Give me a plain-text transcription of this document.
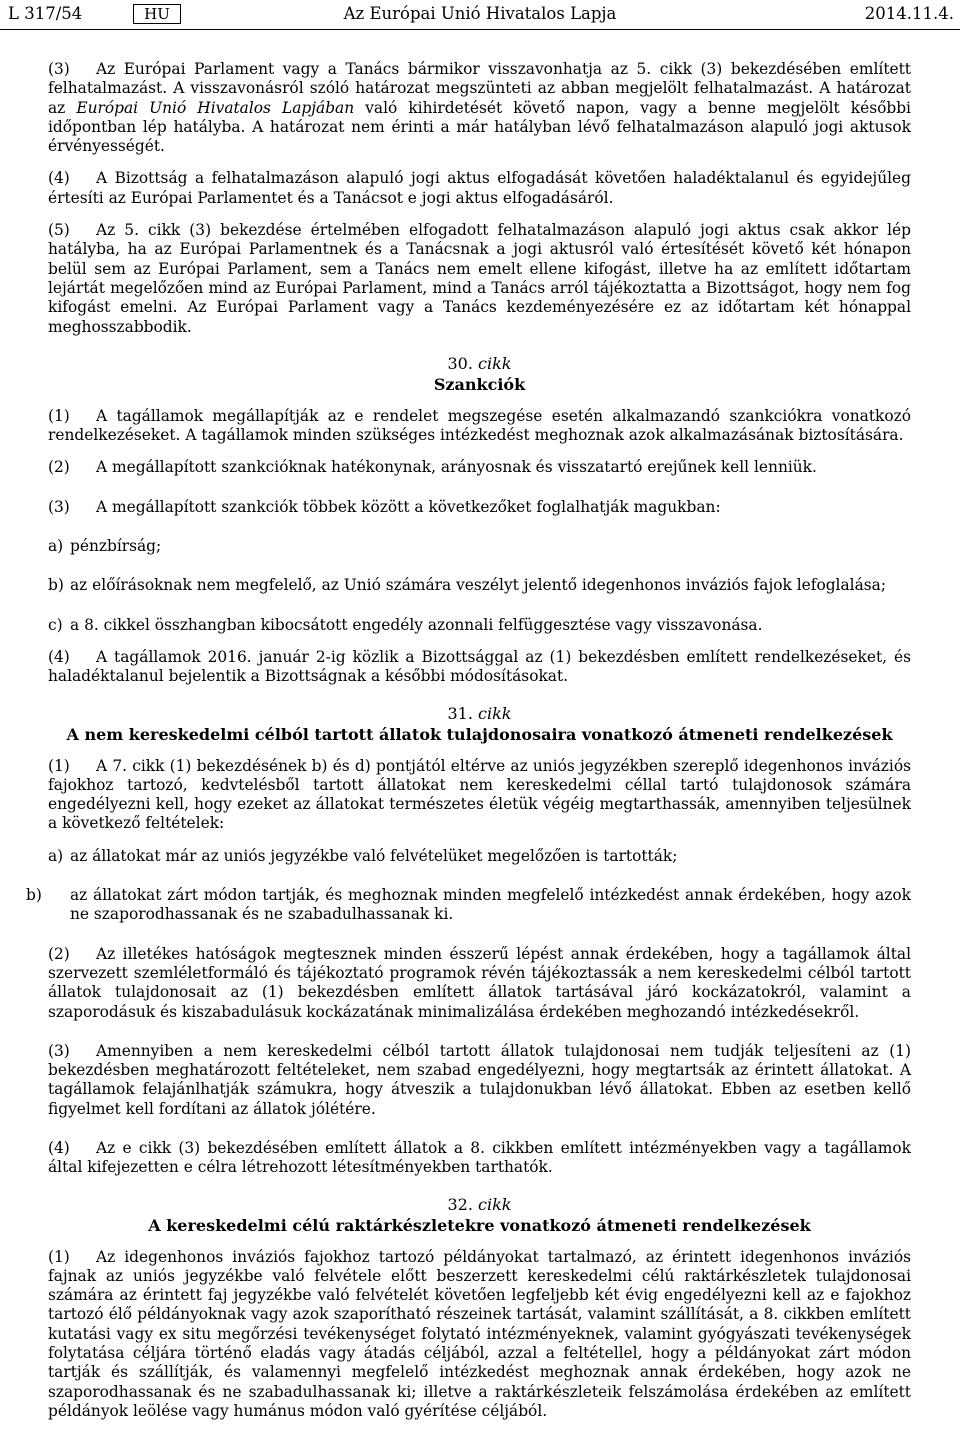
Az Európai Unió Hivatalos Lapja
L 317/54	HU	2014.11.4.

(3) Az Európai Parlament vagy a Tanács bármikor visszavonhatja az 5. cikk (3) bekezdésében említett felhatalmazást. A visszavonásról szóló határozat megszünteti az abban megjelölt felhatalmazást. A határozat az Európai Unió Hivatalos Lapjában való kihirdetését követő napon, vagy a benne megjelölt későbbi időpontban lép hatályba. A határozat nem érinti a már hatályban lévő felhatalmazáson alapuló jogi aktusok érvényességét.

(4) A Bizottság a felhatalmazáson alapuló jogi aktus elfogadását követően haladéktalanul és egyidejűleg értesíti az Európai Parlamentet és a Tanácsot e jogi aktus elfogadásáról.

(5) Az 5. cikk (3) bekezdése értelmében elfogadott felhatalmazáson alapuló jogi aktus csak akkor lép hatályba, ha az Európai Parlamentnek és a Tanácsnak a jogi aktusról való értesítését követő két hónapon belül sem az Európai Parlament, sem a Tanács nem emelt ellene kifogást, illetve ha az említett időtartam lejártát megelőzően mind az Európai Parlament, mind a Tanács arról tájékoztatta a Bizottságot, hogy nem fog kifogást emelni. Az Európai Parlament vagy a Tanács kezdeményezésére ez az időtartam két hónappal meghosszabbodik.

30. cikk
Szankciók

(1) A tagállamok megállapítják az e rendelet megszegése esetén alkalmazandó szankciókra vonatkozó rendelkezéseket. A tagállamok minden szükséges intézkedést meghoznak azok alkalmazásának biztosítására.

(2) A megállapított szankcióknak hatékonynak, arányosnak és visszatartó erejűnek kell lenniük.

(3) A megállapított szankciók többek között a következőket foglalhatják magukban:

a) pénzbírság;

b) az előírásoknak nem megfelelő, az Unió számára veszélyt jelentő idegenhonos inváziós fajok lefoglalása;

c) a 8. cikkel összhangban kibocsátott engedély azonnali felfüggesztése vagy visszavonása.

(4) A tagállamok 2016. január 2-ig közlik a Bizottsággal az (1) bekezdésben említett rendelkezéseket, és haladéktalanul bejelentik a Bizottságnak a későbbi módosításokat.

31. cikk
A nem kereskedelmi célból tartott állatok tulajdonosaira vonatkozó átmeneti rendelkezések

(1) A 7. cikk (1) bekezdésének b) és d) pontjától eltérve az uniós jegyzékben szereplő idegenhonos inváziós fajokhoz tartozó, kedvtelésből tartott állatokat nem kereskedelmi céllal tartó tulajdonosok számára engedélyezni kell, hogy ezeket az állatokat természetes életük végéig megtarthassák, amennyiben teljesülnek a következő feltételek:

a) az állatokat már az uniós jegyzékbe való felvételüket megelőzően is tartották;

b) az állatokat zárt módon tartják, és meghoznak minden megfelelő intézkedést annak érdekében, hogy azok ne szaporodhassanak és ne szabadulhassanak ki.

(2) Az illetékes hatóságok megtesznek minden ésszerű lépést annak érdekében, hogy a tagállamok által szervezett szemléletformáló és tájékoztató programok révén tájékoztassák a nem kereskedelmi célból tartott állatok tulajdonosait az (1) bekezdésben említett állatok tartásával járó kockázatokról, valamint a szaporodásuk és kiszabadulásuk kockázatának minimalizálása érdekében meghozandó intézkedésekről.

(3) Amennyiben a nem kereskedelmi célból tartott állatok tulajdonosai nem tudják teljesíteni az (1) bekezdésben meghatározott feltételeket, nem szabad engedélyezni, hogy megtartsák az érintett állatokat. A tagállamok felajánlhatják számukra, hogy átveszik a tulajdonukban lévő állatokat. Ebben az esetben kellő figyelmet kell fordítani az állatok jólétére.

(4) Az e cikk (3) bekezdésében említett állatok a 8. cikkben említett intézményekben vagy a tagállamok által kifejezetten e célra létrehozott létesítményekben tarthatók.

32. cikk
A kereskedelmi célú raktárkészletekre vonatkozó átmeneti rendelkezések

(1) Az idegenhonos inváziós fajokhoz tartozó példányokat tartalmazó, az érintett idegenhonos inváziós fajnak az uniós jegyzékbe való felvétele előtt beszerzett kereskedelmi célú raktárkészletek tulajdonosai számára az érintett faj jegyzékbe való felvételét követően legfeljebb két évig engedélyezni kell az e fajokhoz tartozó élő példányoknak vagy azok szaporítható részeinek tartását, valamint szállítását, a 8. cikkben említett kutatási vagy ex situ megőrzési tevékenységet folytató intézményeknek, valamint gyógyászati tevékenységek folytatása céljára történő eladás vagy átadás céljából, azzal a feltétellel, hogy a példányokat zárt módon tartják és szállítják, és valamennyi megfelelő intézkedést meghoznak annak érdekében, hogy azok ne szaporodhassanak és ne szabadulhassanak ki; illetve a raktárkészleteik felszámolása érdekében az említett példányok leölése vagy humánus módon való gyérítése céljából.
